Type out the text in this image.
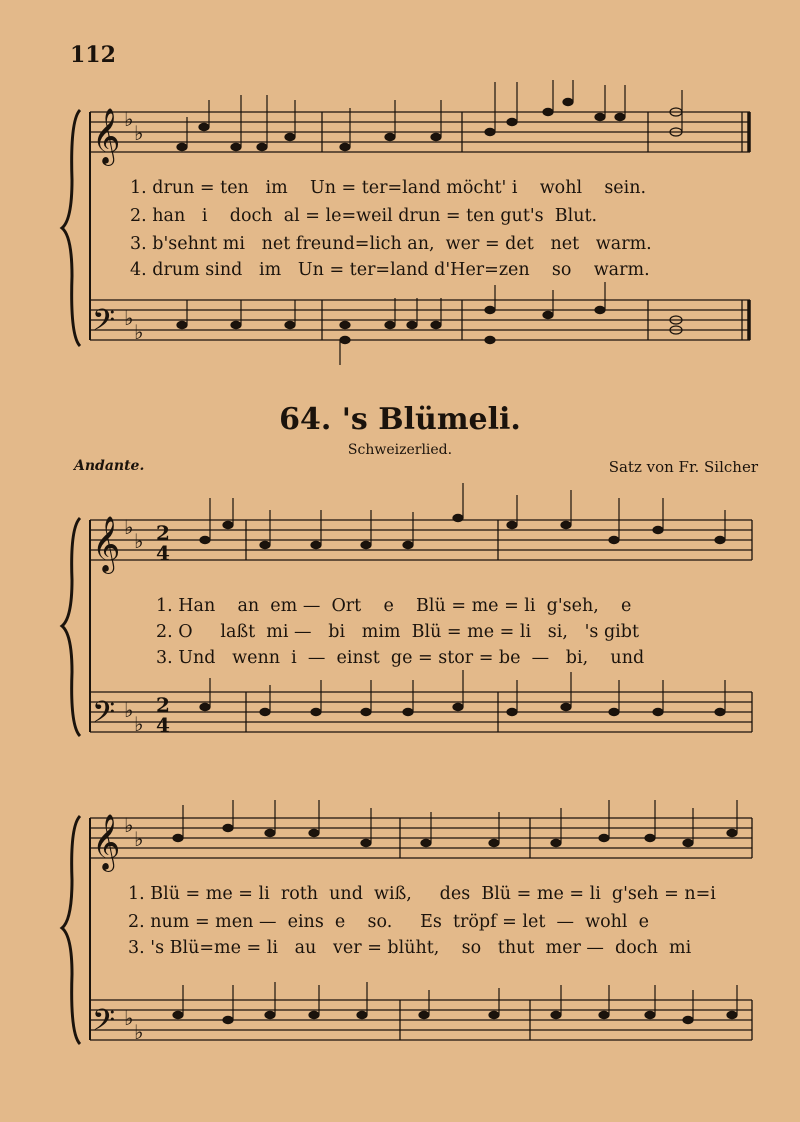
𝄞
𝄢
♭
♭
♭
♭
𝄞
𝄢
♭
♭
♭
♭
2
4
2
4
𝄞
𝄢
♭
♭
♭
♭
112
1. drun = ten   im    Un = ter=land möcht' i    wohl    sein.
2. han   i    doch  al = le=weil drun = ten gut's  Blut.
3. b'sehnt mi   net freund=lich an,  wer = det   net   warm.
4. drum sind   im   Un = ter=land d'Her=zen    so    warm.
64. 's Blümeli.
Schweizerlied.
Andante.	Satz von Fr. Silcher
1. Han    an  em —  Ort    e    Blü = me = li  g'seh,    e
2. O     laßt  mi —   bi   mim  Blü = me = li   si,   's gibt
3. Und   wenn  i  —  einst  ge = stor = be  —   bi,    und
1. Blü = me = li  roth  und  wiß,     des  Blü = me = li  g'seh = n=i
2. num = men —  eins  e    so.     Es  tröpf = let  —  wohl  e
3. 's Blü=me = li   au   ver = blüht,    so   thut  mer —  doch  mi
